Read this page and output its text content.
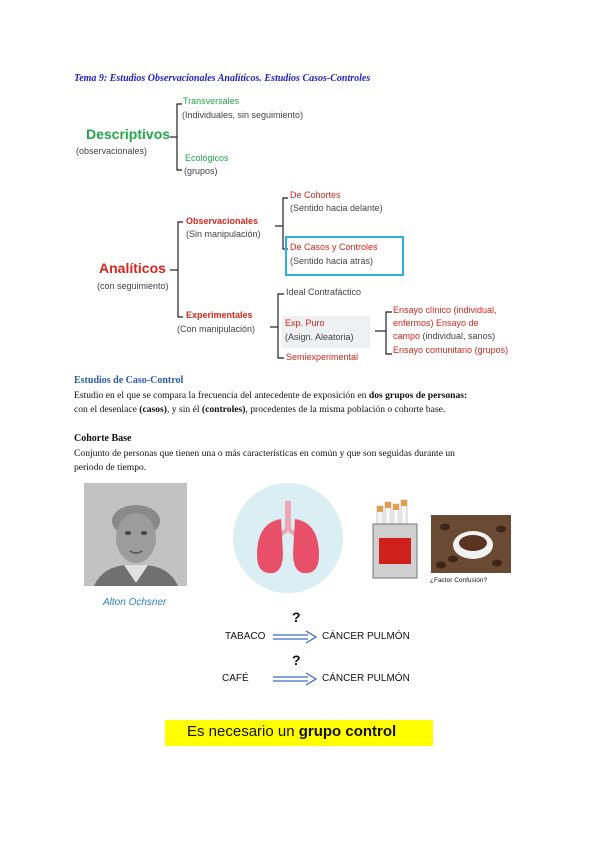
Tema 9: Estudios Observacionales Analíticos. Estudios Casos-Controles
Descriptivos
(observacionales)
Transversales
(Individuales, sin seguimiento)
Ecológicos
(grupos)
Analíticos
(con seguimiento)
Observacionales
(Sin manipulación)
De Cohortes
(Sentido hacia delante)
De Casos y Controles
(Sentido hacia atrás)
Experimentales
(Con manipulación)
Ideal Contrafáctico
Exp. Puro
(Asign. Aleatoria)
Semiexperimental
Ensayo clínico (individual,
enfermos) Ensayo de
campo (individual, sanos)
Ensayo comunitario (grupos)
Estudios de Caso-Control
Estudio en el que se compara la frecuencia del antecedente de exposición en dos grupos de personas:
con el desenlace (casos), y sin él (controles), procedentes de la misma población o cohorte base.
Cohorte Base
Conjunto de personas que tienen una o más características en común y que son seguidas durante un
periodo de tiempo.
Alton Ochsner
¿Factor Confusión?
?
TABACO	CÁNCER PULMÓN
?
CAFÉ	CÁNCER PULMÓN
Es necesario un grupo control
